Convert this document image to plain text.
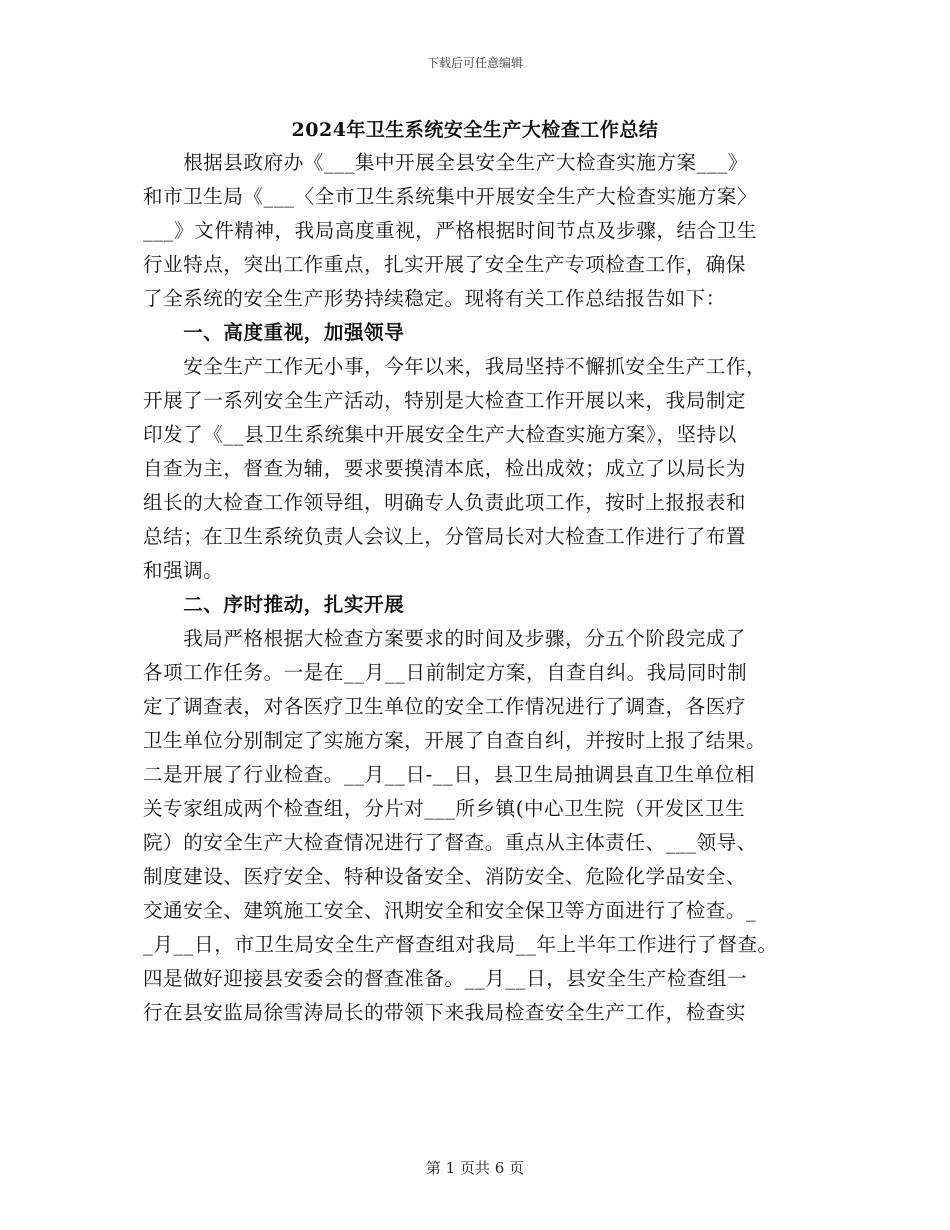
下载后可任意编辑
2024年卫生系统安全生产大检查工作总结
　　根据县政府办《___集中开展全县安全生产大检查实施方案___》
和市卫生局《___〈全市卫生系统集中开展安全生产大检查实施方案〉
___》文件精神，我局高度重视，严格根据时间节点及步骤，结合卫生
行业特点，突出工作重点，扎实开展了安全生产专项检查工作，确保
了全系统的安全生产形势持续稳定。现将有关工作总结报告如下：
　　一、高度重视，加强领导
　　安全生产工作无小事，今年以来，我局坚持不懈抓安全生产工作，
开展了一系列安全生产活动，特别是大检查工作开展以来，我局制定
印发了《__县卫生系统集中开展安全生产大检查实施方案》，坚持以
自查为主，督查为辅，要求要摸清本底，检出成效；成立了以局长为
组长的大检查工作领导组，明确专人负责此项工作，按时上报报表和
总结；在卫生系统负责人会议上，分管局长对大检查工作进行了布置
和强调。
　　二、序时推动，扎实开展
　　我局严格根据大检查方案要求的时间及步骤，分五个阶段完成了
各项工作任务。一是在__月__日前制定方案，自查自纠。我局同时制
定了调查表，对各医疗卫生单位的安全工作情况进行了调查，各医疗
卫生单位分别制定了实施方案，开展了自查自纠，并按时上报了结果。
二是开展了行业检查。__月__日-__日，县卫生局抽调县直卫生单位相
关专家组成两个检查组，分片对___所乡镇(中心卫生院（开发区卫生
院）的安全生产大检查情况进行了督查。重点从主体责任、___领导、
制度建设、医疗安全、特种设备安全、消防安全、危险化学品安全、
交通安全、建筑施工安全、汛期安全和安全保卫等方面进行了检查。_
_月__日，市卫生局安全生产督查组对我局__年上半年工作进行了督查。
四是做好迎接县安委会的督查准备。__月__日，县安全生产检查组一
行在县安监局徐雪涛局长的带领下来我局检查安全生产工作，检查实
第 1 页共 6 页
